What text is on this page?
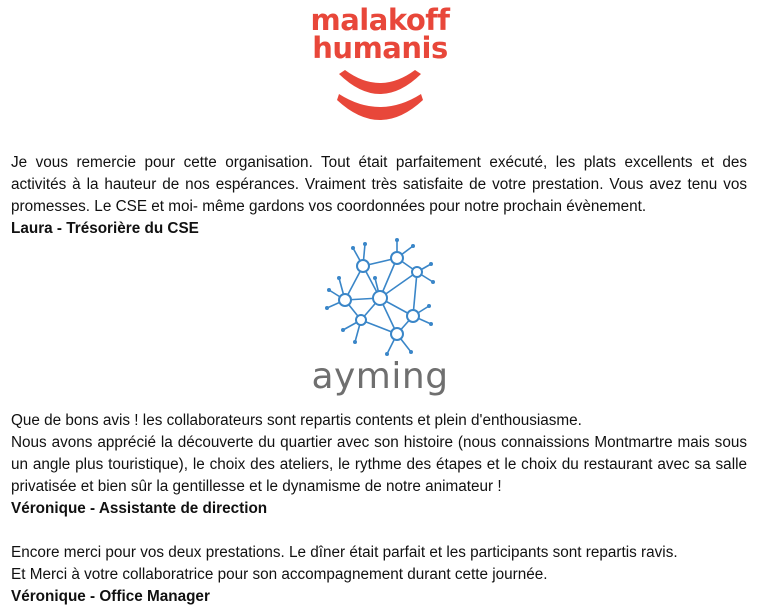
malakoff
humanis

Je vous remercie pour cette organisation. Tout était parfaitement exécuté, les plats excellents et des activités à la hauteur de nos espérances. Vraiment très satisfaite de votre prestation. Vous avez tenu vos promesses. Le CSE et moi- même gardons vos coordonnées pour notre prochain évènement.

Laura - Trésorière du CSE

ayming

Que de bons avis ! les collaborateurs sont repartis contents et plein d'enthousiasme.

Nous avons apprécié la découverte du quartier avec son histoire (nous connaissions Montmartre mais sous un angle plus touristique), le choix des ateliers, le rythme des étapes et le choix du restaurant avec sa salle privatisée et bien sûr la gentillesse et le dynamisme de notre animateur !

Véronique - Assistante de direction

Encore merci pour vos deux prestations. Le dîner était parfait et les participants sont repartis ravis.

Et Merci à votre collaboratrice pour son accompagnement durant cette journée.

Véronique - Office Manager
